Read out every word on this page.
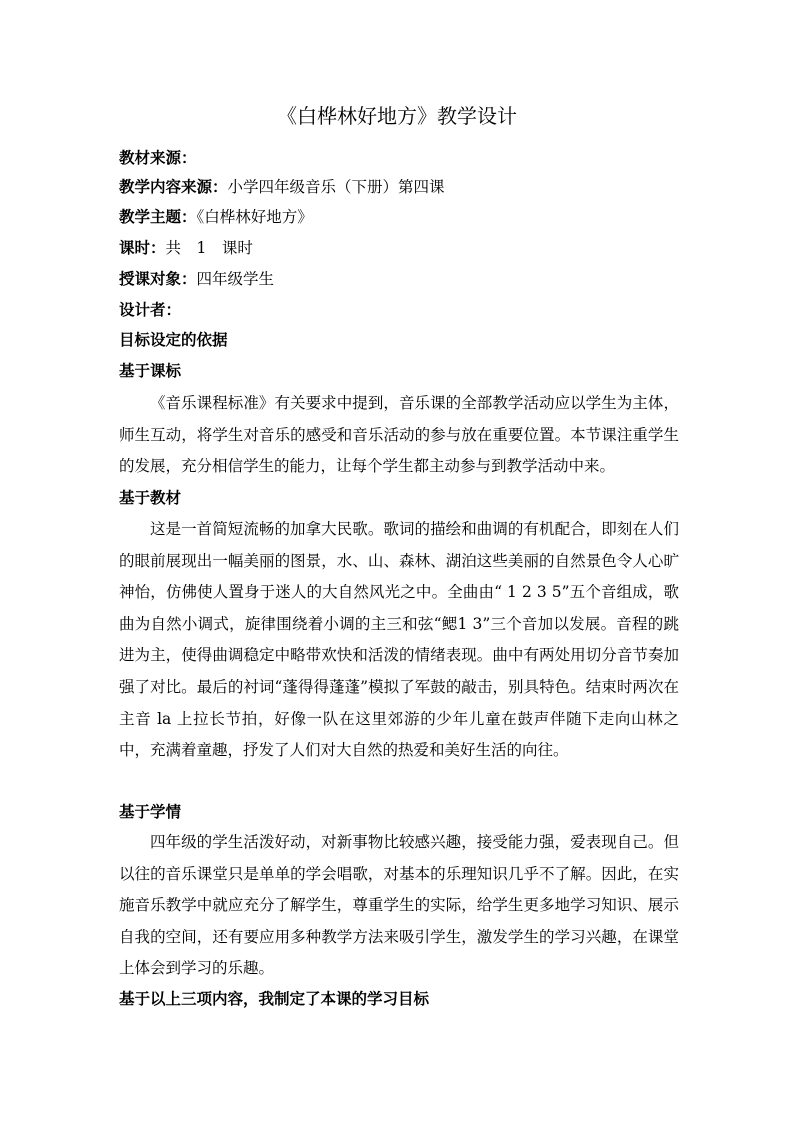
《白桦林好地方》教学设计
教材来源：
教学内容来源：小学四年级音乐（下册）第四课
教学主题：《白桦林好地方》
课时：共　1　课时
授课对象：四年级学生
设计者：
目标设定的依据
基于课标
《音乐课程标准》有关要求中提到，音乐课的全部教学活动应以学生为主体，师生互动，将学生对音乐的感受和音乐活动的参与放在重要位置。本节课注重学生的发展，充分相信学生的能力，让每个学生都主动参与到教学活动中来。
基于教材
这是一首简短流畅的加拿大民歌。歌词的描绘和曲调的有机配合，即刻在人们的眼前展现出一幅美丽的图景，水、山、森林、湖泊这些美丽的自然景色令人心旷神怡，仿佛使人置身于迷人的大自然风光之中。全曲由“ 1 2 3 5”五个音组成，歌曲为自然小调式，旋律围绕着小调的主三和弦“鳃1 3”三个音加以发展。音程的跳进为主，使得曲调稳定中略带欢快和活泼的情绪表现。曲中有两处用切分音节奏加强了对比。最后的衬词“蓬得得蓬蓬”模拟了军鼓的敲击，别具特色。结束时两次在主音 la 上拉长节拍，好像一队在这里郊游的少年儿童在鼓声伴随下走向山林之中，充满着童趣，抒发了人们对大自然的热爱和美好生活的向往。
基于学情
四年级的学生活泼好动，对新事物比较感兴趣，接受能力强，爱表现自己。但以往的音乐课堂只是单单的学会唱歌，对基本的乐理知识几乎不了解。因此，在实施音乐教学中就应充分了解学生，尊重学生的实际，给学生更多地学习知识、展示自我的空间，还有要应用多种教学方法来吸引学生，激发学生的学习兴趣，在课堂上体会到学习的乐趣。
基于以上三项内容，我制定了本课的学习目标
